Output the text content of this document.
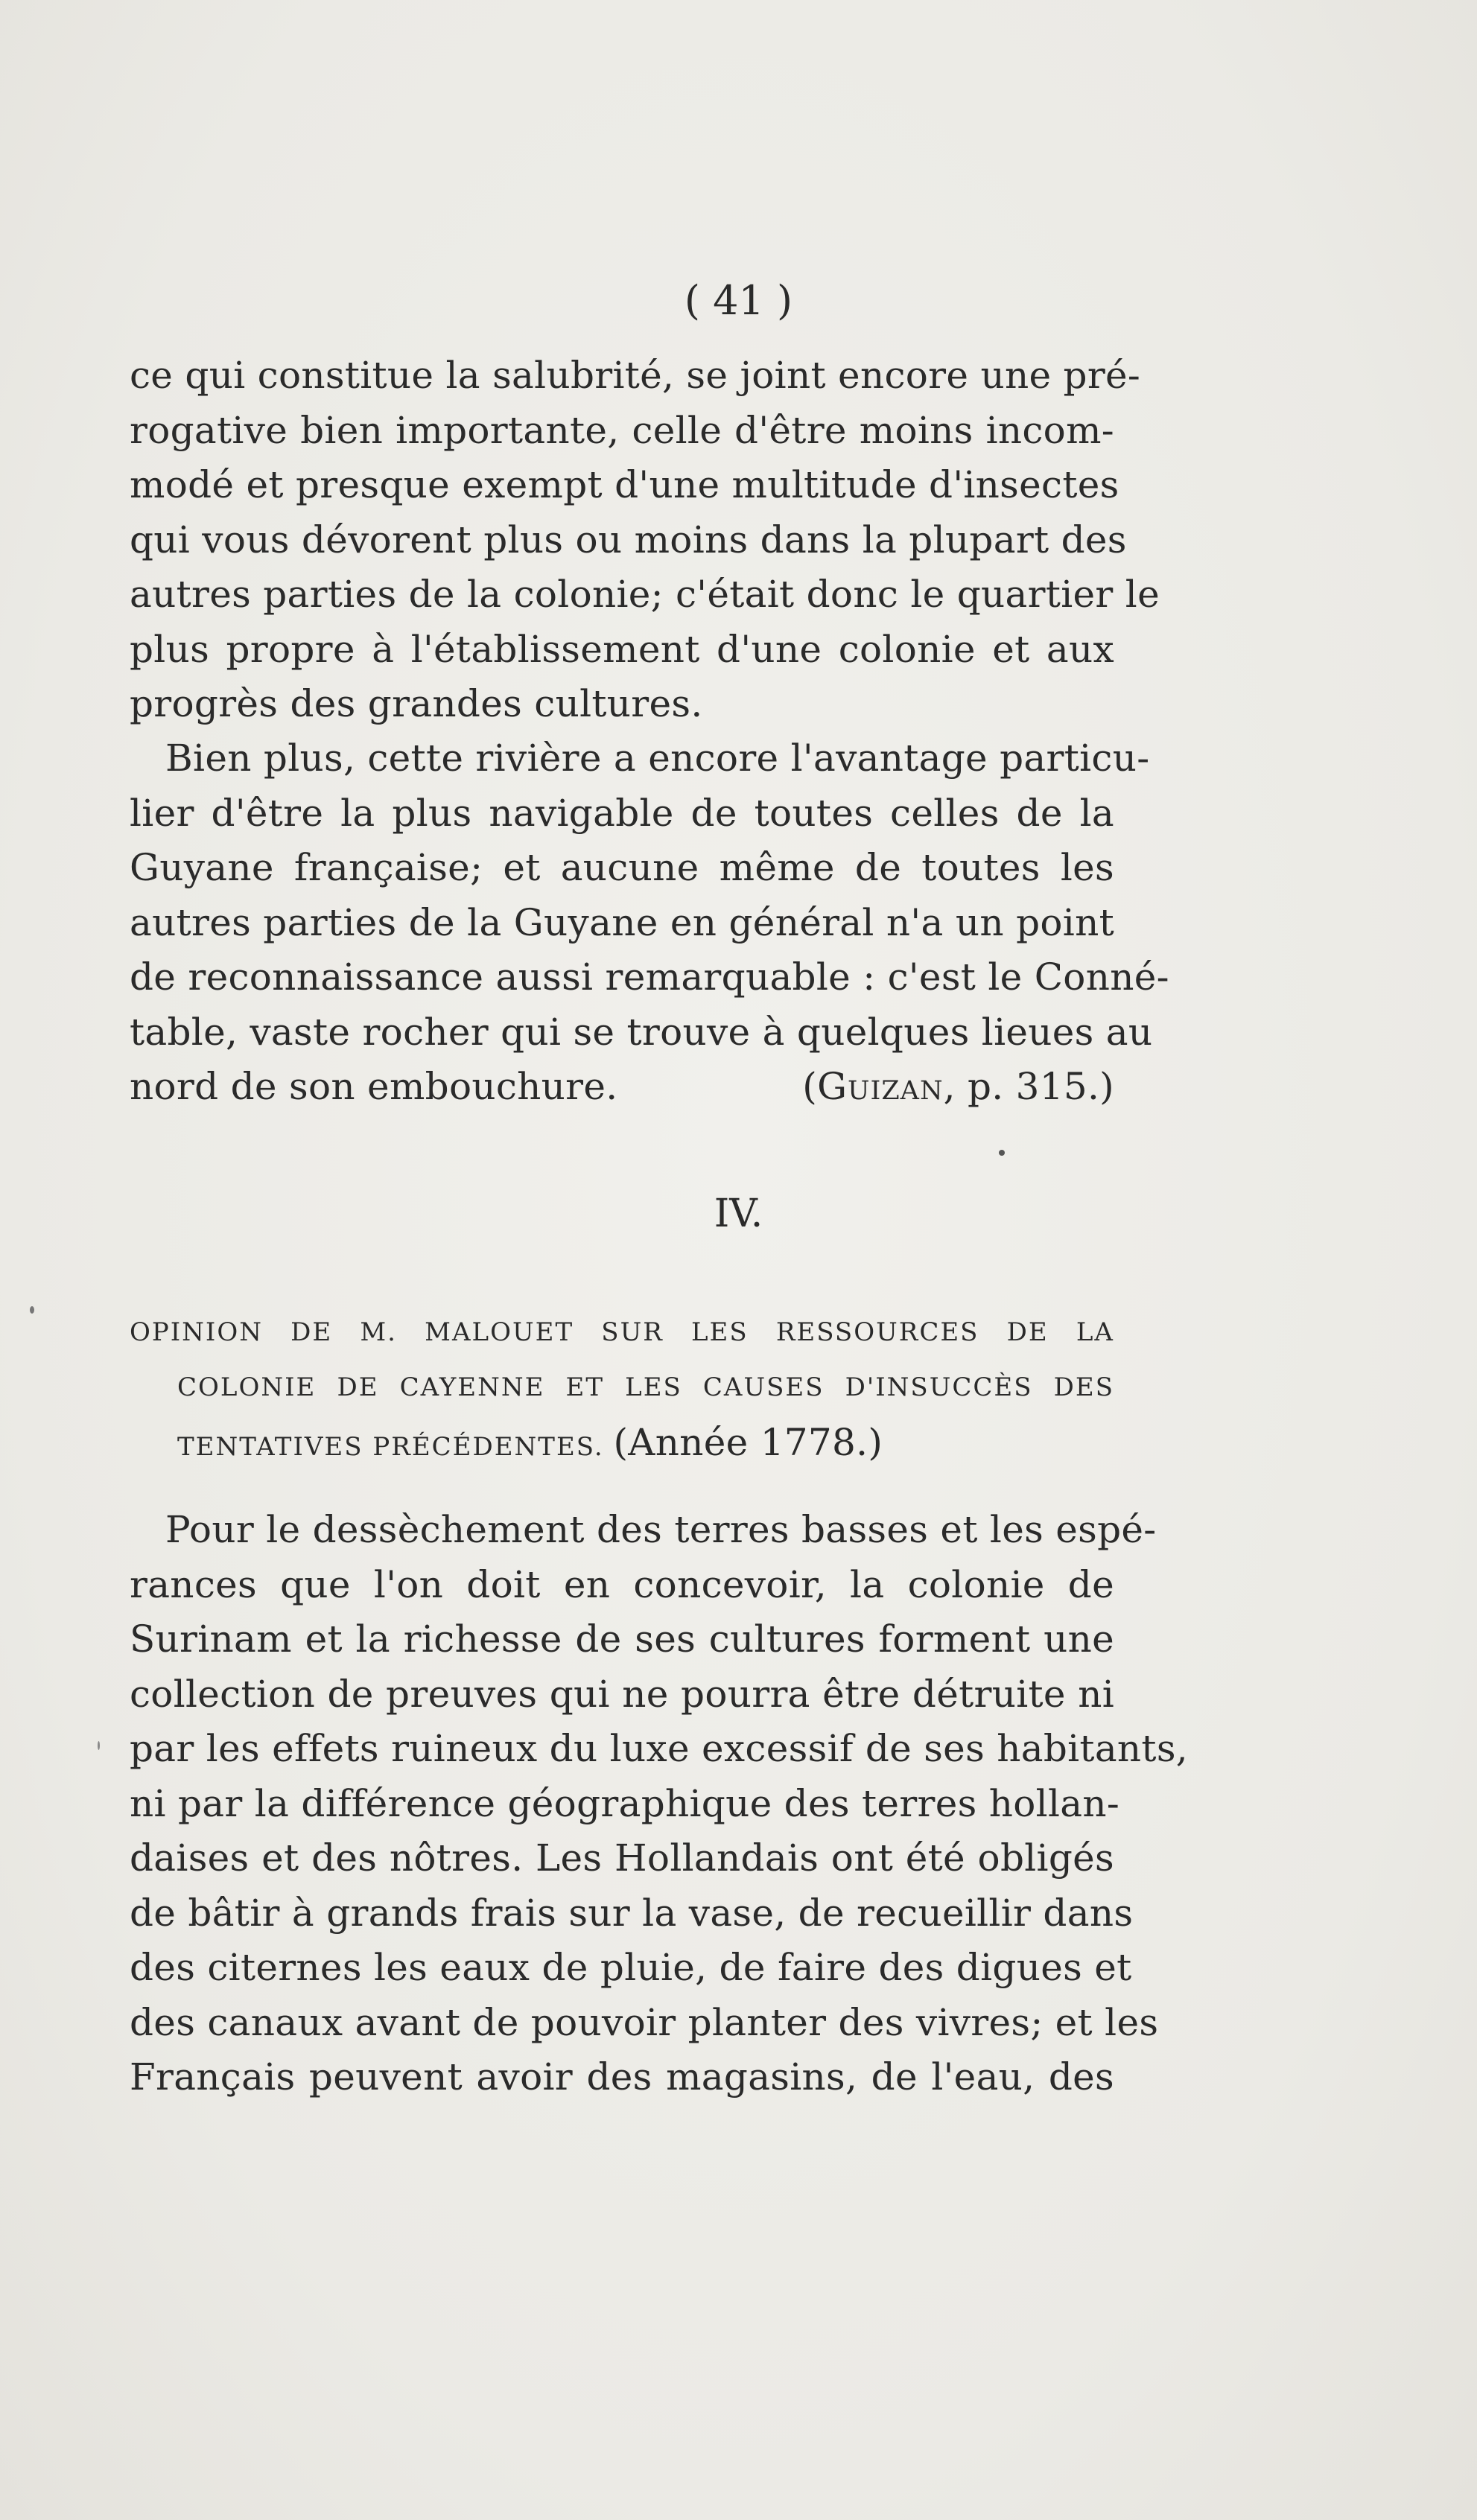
( 41 )

ce qui constitue la salubrité, se joint encore une pré-
rogative bien importante, celle d'être moins incom-
modé et presque exempt d'une multitude d'insectes
qui vous dévorent plus ou moins dans la plupart des
autres parties de la colonie; c'était donc le quartier le
plus propre à l'établissement d'une colonie et aux
progrès des grandes cultures.

Bien plus, cette rivière a encore l'avantage particu-
lier d'être la plus navigable de toutes celles de la
Guyane française; et aucune même de toutes les
autres parties de la Guyane en général n'a un point
de reconnaissance aussi remarquable : c'est le Conné-
table, vaste rocher qui se trouve à quelques lieues au
nord de son embouchure.	(Guizan, p. 315.)

IV.
OPINION DE M. MALOUET SUR LES RESSOURCES DE LA
COLONIE DE CAYENNE ET LES CAUSES D'INSUCCÈS DES
TENTATIVES PRÉCÉDENTES. (Année 1778.)

Pour le dessèchement des terres basses et les espé-
rances que l'on doit en concevoir, la colonie de
Surinam et la richesse de ses cultures forment une
collection de preuves qui ne pourra être détruite ni
par les effets ruineux du luxe excessif de ses habitants,
ni par la différence géographique des terres hollan-
daises et des nôtres. Les Hollandais ont été obligés
de bâtir à grands frais sur la vase, de recueillir dans
des citernes les eaux de pluie, de faire des digues et
des canaux avant de pouvoir planter des vivres; et les
Français peuvent avoir des magasins, de l'eau, des
